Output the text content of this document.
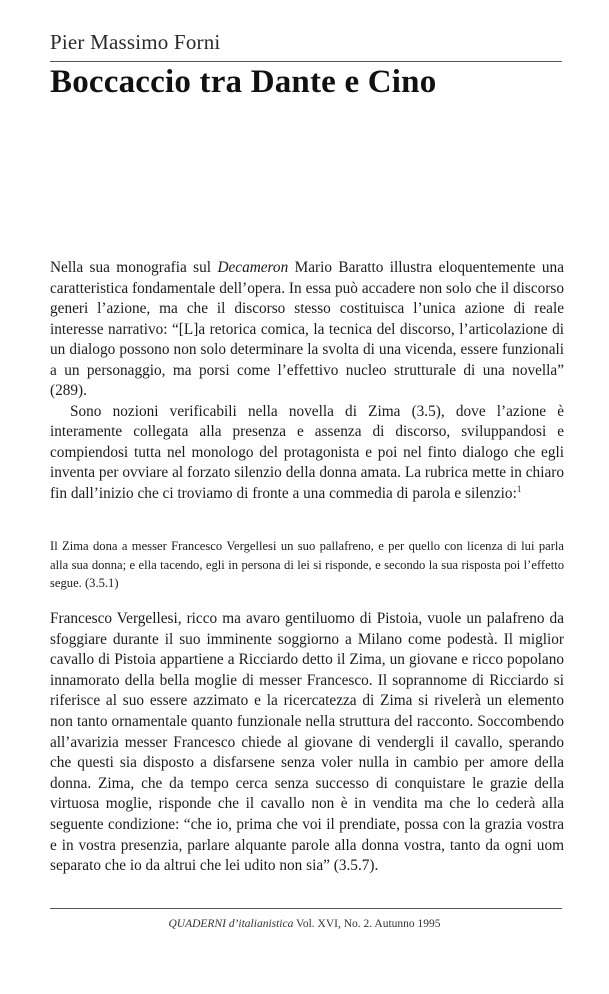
Pier Massimo Forni
Boccaccio tra Dante e Cino

Nella sua monografia sul Decameron Mario Baratto illustra eloquentemente una caratteristica fondamentale dell’opera. In essa può accadere non solo che il discorso generi l’azione, ma che il discorso stesso costituisca l’unica azione di reale interesse narrativo: “[L]a retorica comica, la tecnica del discorso, l’articolazione di un dialogo possono non solo determinare la svolta di una vicenda, essere funzionali a un personaggio, ma porsi come l’effettivo nucleo strutturale di una novella” (289).

Sono nozioni verificabili nella novella di Zima (3.5), dove l’azione è interamente collegata alla presenza e assenza di discorso, sviluppandosi e compiendosi tutta nel monologo del protagonista e poi nel finto dialogo che egli inventa per ovviare al forzato silenzio della donna amata. La rubrica mette in chiaro fin dall’inizio che ci troviamo di fronte a una commedia di parola e silenzio:$^1$

Il Zima dona a messer Francesco Vergellesi un suo pallafreno, e per quello con licenza di lui parla alla sua donna; e ella tacendo, egli in persona di lei si risponde, e secondo la sua risposta poi l’effetto segue. (3.5.1)

Francesco Vergellesi, ricco ma avaro gentiluomo di Pistoia, vuole un palafreno da sfoggiare durante il suo imminente soggiorno a Milano come podestà. Il miglior cavallo di Pistoia appartiene a Ricciardo detto il Zima, un giovane e ricco popolano innamorato della bella moglie di messer Francesco. Il soprannome di Ricciardo si riferisce al suo essere azzimato e la ricercatezza di Zima si rivelerà un elemento non tanto ornamentale quanto funzionale nella struttura del racconto. Soccombendo all’avarizia messer Francesco chiede al giovane di vendergli il cavallo, sperando che questi sia disposto a disfarsene senza voler nulla in cambio per amore della donna. Zima, che da tempo cerca senza successo di conquistare le grazie della virtuosa moglie, risponde che il cavallo non è in vendita ma che lo cederà alla seguente condizione: “che io, prima che voi il prendiate, possa con la grazia vostra e in vostra presenzia, parlare alquante parole alla donna vostra, tanto da ogni uom separato che io da altrui che lei udito non sia” (3.5.7).

QUADERNI d’italianistica Vol. XVI, No. 2. Autunno 1995
